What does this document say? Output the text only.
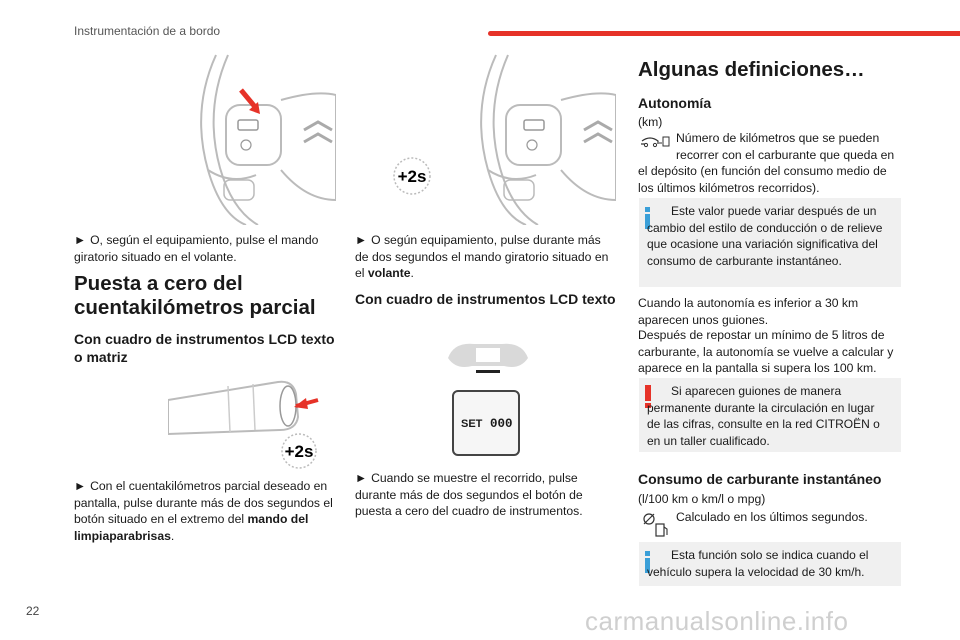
Instrumentación de a bordo

► O, según el equipamiento, pulse el mando giratorio situado en el volante.

Puesta a cero del cuentakilómetros parcial
Con cuadro de instrumentos LCD texto o matriz
+2s

► Con el cuentakilómetros parcial deseado en pantalla, pulse durante más de dos segundos el botón situado en el extremo del mando del limpiaparabrisas.

+2s

► O según equipamiento, pulse durante más de dos segundos el mando giratorio situado en el volante.

Con cuadro de instrumentos LCD texto
SET 000

► Cuando se muestre el recorrido, pulse durante más de dos segundos el botón de puesta a cero del cuadro de instrumentos.

Algunas definiciones…
Autonomía

(km)

Número de kilómetros que se pueden recorrer con el carburante que queda en

el depósito (en función del consumo medio de los últimos kilómetros recorridos).

Este valor puede variar después de un cambio del estilo de conducción o de relieve que ocasione una variación significativa del consumo de carburante instantáneo.

Cuando la autonomía es inferior a 30 km aparecen unos guiones.

Después de repostar un mínimo de 5 litros de carburante, la autonomía se vuelve a calcular y aparece en la pantalla si supera los 100 km.

Si aparecen guiones de manera permanente durante la circulación en lugar de las cifras, consulte en la red CITROËN o en un taller cualificado.

Consumo de carburante instantáneo

(l/100 km o km/l o mpg)

Calculado en los últimos segundos.

Esta función solo se indica cuando el vehículo supera la velocidad de 30 km/h.

22	carmanualsonline.info
